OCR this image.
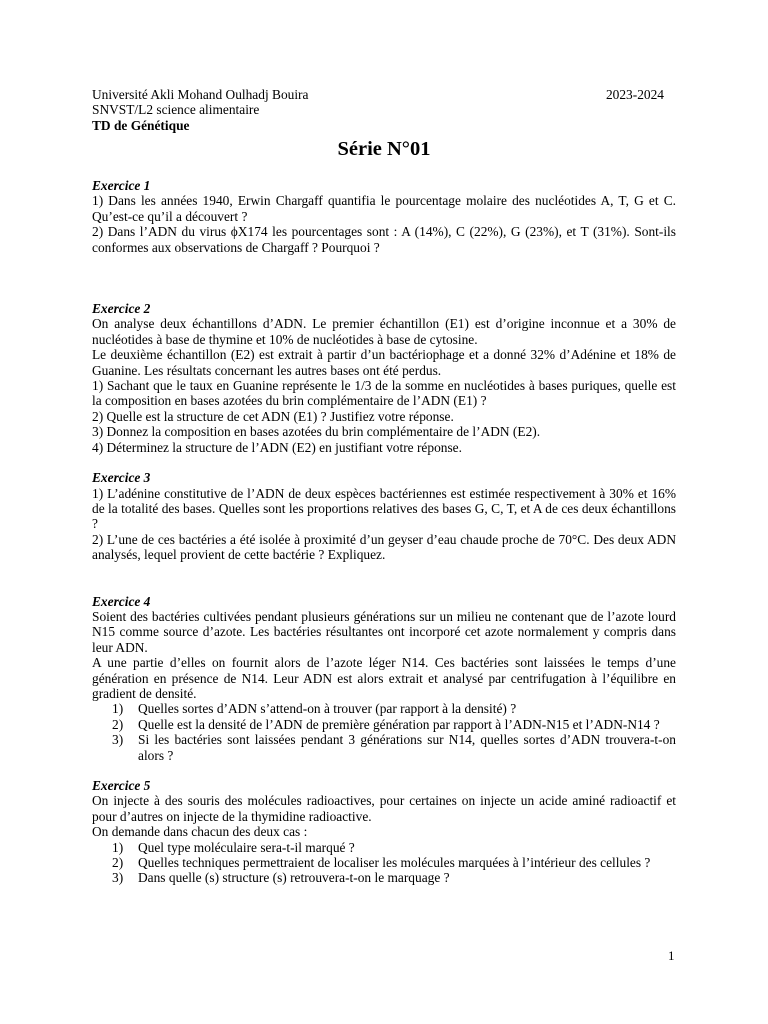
Université Akli Mohand Oulhadj Bouira	2023-2024
SNVST/L2 science alimentaire
TD de Génétique
Série N°01
Exercice 1
1) Dans les années 1940, Erwin Chargaff quantifia le pourcentage molaire des nucléotides A, T, G et C. Qu’est-ce qu’il a découvert ?
2) Dans l’ADN du virus ϕX174 les pourcentages sont : A (14%), C (22%), G (23%), et T (31%). Sont-ils conformes aux observations de Chargaff ? Pourquoi ?
Exercice 2
On analyse deux échantillons d’ADN. Le premier échantillon (E1) est d’origine inconnue et a 30% de nucléotides à base de thymine et 10% de nucléotides à base de cytosine.
Le deuxième échantillon (E2) est extrait à partir d’un bactériophage et a donné 32% d’Adénine et 18% de Guanine. Les résultats concernant les autres bases ont été perdus.
1) Sachant que le taux en Guanine représente le 1/3 de la somme en nucléotides à bases puriques, quelle est la composition en bases azotées du brin complémentaire de l’ADN (E1) ?
2) Quelle est la structure de cet ADN (E1) ? Justifiez votre réponse.
3) Donnez la composition en bases azotées du brin complémentaire de l’ADN (E2).
4) Déterminez la structure de l’ADN (E2) en justifiant votre réponse.
Exercice 3
1) L’adénine constitutive de l’ADN de deux espèces bactériennes est estimée respectivement à 30% et 16% de la totalité des bases. Quelles sont les proportions relatives des bases G, C, T, et A de ces deux échantillons ?
2) L’une de ces bactéries a été isolée à proximité d’un geyser d’eau chaude proche de 70°C. Des deux ADN analysés, lequel provient de cette bactérie ? Expliquez.
Exercice 4
Soient des bactéries cultivées pendant plusieurs générations sur un milieu ne contenant que de l’azote lourd N15 comme source d’azote. Les bactéries résultantes ont incorporé cet azote normalement y compris dans leur ADN.
A une partie d’elles on fournit alors de l’azote léger N14. Ces bactéries sont laissées le temps d’une génération en présence de N14. Leur ADN est alors extrait et analysé par centrifugation à l’équilibre en gradient de densité.
1)	Quelles sortes d’ADN s’attend-on à trouver (par rapport à la densité) ?
2)	Quelle est la densité de l’ADN de première génération par rapport à l’ADN-N15 et l’ADN-N14 ?
3)	Si les bactéries sont laissées pendant 3 générations sur N14, quelles sortes d’ADN trouvera-t-on alors ?
Exercice 5
On injecte à des souris des molécules radioactives, pour certaines on injecte un acide aminé radioactif et pour d’autres on injecte de la thymidine radioactive.
On demande dans chacun des deux cas :
1)	Quel type moléculaire sera-t-il marqué ?
2)	Quelles techniques permettraient de localiser les molécules marquées à l’intérieur des cellules ?
3)	Dans quelle (s) structure (s) retrouvera-t-on le marquage ?
1
